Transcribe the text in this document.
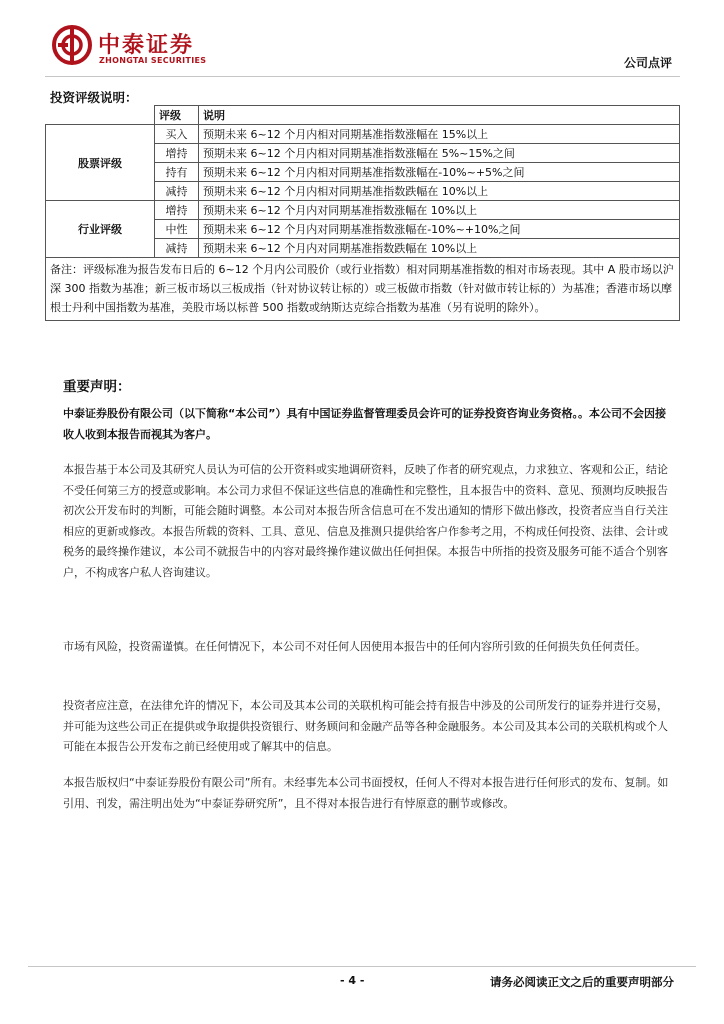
中泰证券
ZHONGTAI SECURITIES	公司点评
投资评级说明：
	评级	说明
股票评级	买入	预期未来 6~12 个月内相对同期基准指数涨幅在 15%以上
	增持	预期未来 6~12 个月内相对同期基准指数涨幅在 5%~15%之间
	持有	预期未来 6~12 个月内相对同期基准指数涨幅在-10%~+5%之间
	减持	预期未来 6~12 个月内相对同期基准指数跌幅在 10%以上
行业评级	增持	预期未来 6~12 个月内对同期基准指数涨幅在 10%以上
	中性	预期未来 6~12 个月内对同期基准指数涨幅在-10%~+10%之间
	减持	预期未来 6~12 个月内对同期基准指数跌幅在 10%以上
备注：评级标准为报告发布日后的 6~12 个月内公司股价（或行业指数）相对同期基准指数的相对市场表现。其中 A 股市场以沪深 300 指数为基准；新三板市场以三板成指（针对协议转让标的）或三板做市指数（针对做市转让标的）为基准；香港市场以摩根士丹利中国指数为基准，美股市场以标普 500 指数或纳斯达克综合指数为基准（另有说明的除外）。		
重要声明：
中泰证券股份有限公司（以下简称“本公司”）具有中国证券监督管理委员会许可的证券投资咨询业务资格。。本公司不会因接收人收到本报告而视其为客户。
本报告基于本公司及其研究人员认为可信的公开资料或实地调研资料，反映了作者的研究观点，力求独立、客观和公正，结论不受任何第三方的授意或影响。本公司力求但不保证这些信息的准确性和完整性，且本报告中的资料、意见、预测均反映报告初次公开发布时的判断，可能会随时调整。本公司对本报告所含信息可在不发出通知的情形下做出修改，投资者应当自行关注相应的更新或修改。本报告所载的资料、工具、意见、信息及推测只提供给客户作参考之用，不构成任何投资、法律、会计或税务的最终操作建议，本公司不就报告中的内容对最终操作建议做出任何担保。本报告中所指的投资及服务可能不适合个别客户，不构成客户私人咨询建议。
市场有风险，投资需谨慎。在任何情况下，本公司不对任何人因使用本报告中的任何内容所引致的任何损失负任何责任。
投资者应注意，在法律允许的情况下，本公司及其本公司的关联机构可能会持有报告中涉及的公司所发行的证券并进行交易，并可能为这些公司正在提供或争取提供投资银行、财务顾问和金融产品等各种金融服务。本公司及其本公司的关联机构或个人可能在本报告公开发布之前已经使用或了解其中的信息。
本报告版权归“中泰证券股份有限公司”所有。未经事先本公司书面授权，任何人不得对本报告进行任何形式的发布、复制。如引用、刊发，需注明出处为“中泰证券研究所”，且不得对本报告进行有悖原意的删节或修改。
- 4 -	请务必阅读正文之后的重要声明部分
